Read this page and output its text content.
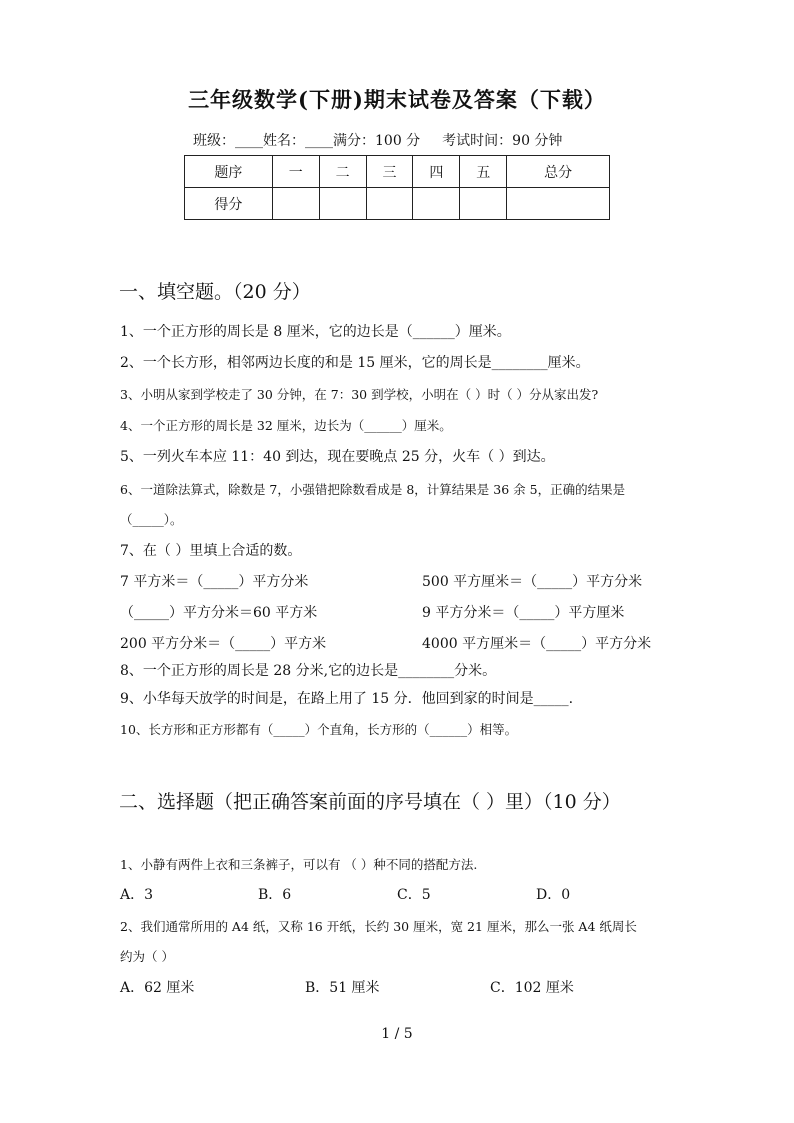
三年级数学(下册)期末试卷及答案（下载）
班级：____姓名：____满分：100 分 考试时间：90 分钟
题序	一	二	三	四	五	总分
得分						
一、填空题。（20 分）
1、一个正方形的周长是 8 厘米，它的边长是（______）厘米。
2、一个长方形，相邻两边长度的和是 15 厘米，它的周长是________厘米。
3、小明从家到学校走了 30 分钟，在 7：30 到学校，小明在（ ）时（ ）分从家出发?
4、一个正方形的周长是 32 厘米，边长为（______）厘米。
5、一列火车本应 11：40 到达，现在要晚点 25 分，火车（ ）到达。
6、一道除法算式，除数是 7，小强错把除数看成是 8，计算结果是 36 余 5，正确的结果是
（_____）。
7、在（ ）里填上合适的数。
7 平方米＝（_____）平方分米	500 平方厘米＝（_____）平方分米
（_____）平方分米＝60 平方米	9 平方分米＝（_____）平方厘米
200 平方分米＝（_____）平方米	4000 平方厘米＝（_____）平方分米
8、一个正方形的周长是 28 分米,它的边长是________分米。
9、小华每天放学的时间是，在路上用了 15 分．他回到家的时间是_____.
10、长方形和正方形都有（_____）个直角，长方形的（______）相等。
二、选择题（把正确答案前面的序号填在（ ）里）（10 分）
1、小静有两件上衣和三条裤子，可以有 （ ）种不同的搭配方法.
A．3	B．6	C．5	D．0
2、我们通常所用的 A4 纸，又称 16 开纸，长约 30 厘米，宽 21 厘米，那么一张 A4 纸周长
约为（ ）
A．62 厘米	B．51 厘米	C．102 厘米
1 / 5
